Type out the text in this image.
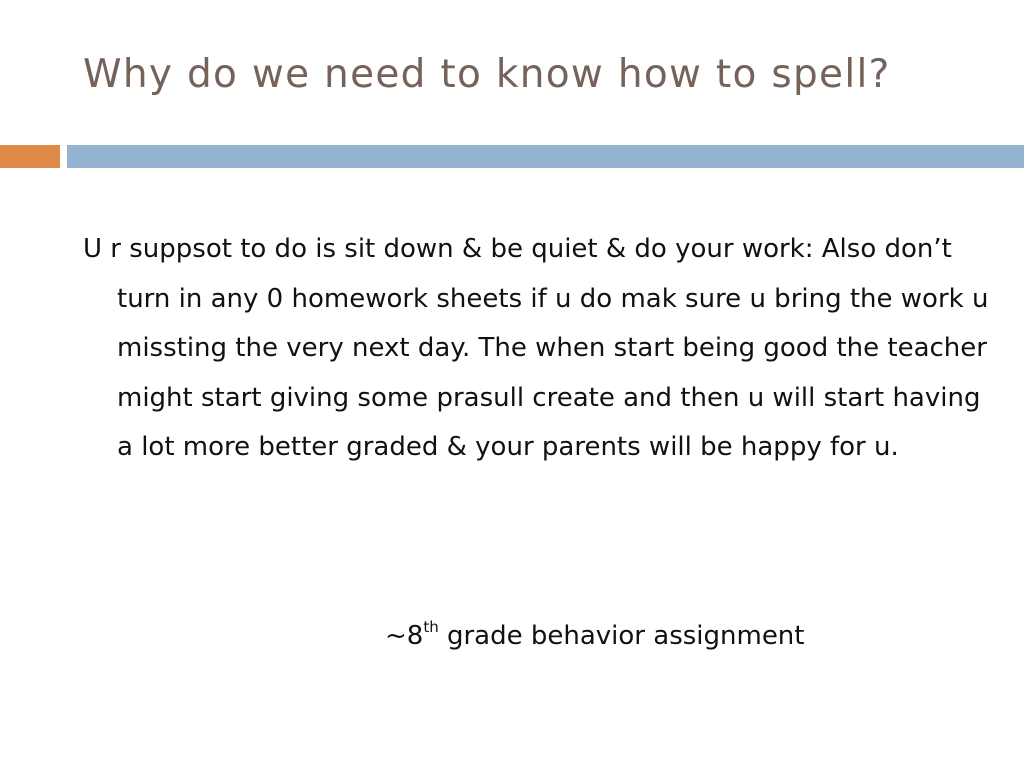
Why do we need to know how to spell?

U r suppsot to do is sit down & be quiet & do your work: Also don’t turn in any 0 homework sheets if u do mak sure u bring the work u missting the very next day. The when start being good the teacher might start giving some prasull create and then u will start having a lot more better graded & your parents will be happy for u.

~8th grade behavior assignment
